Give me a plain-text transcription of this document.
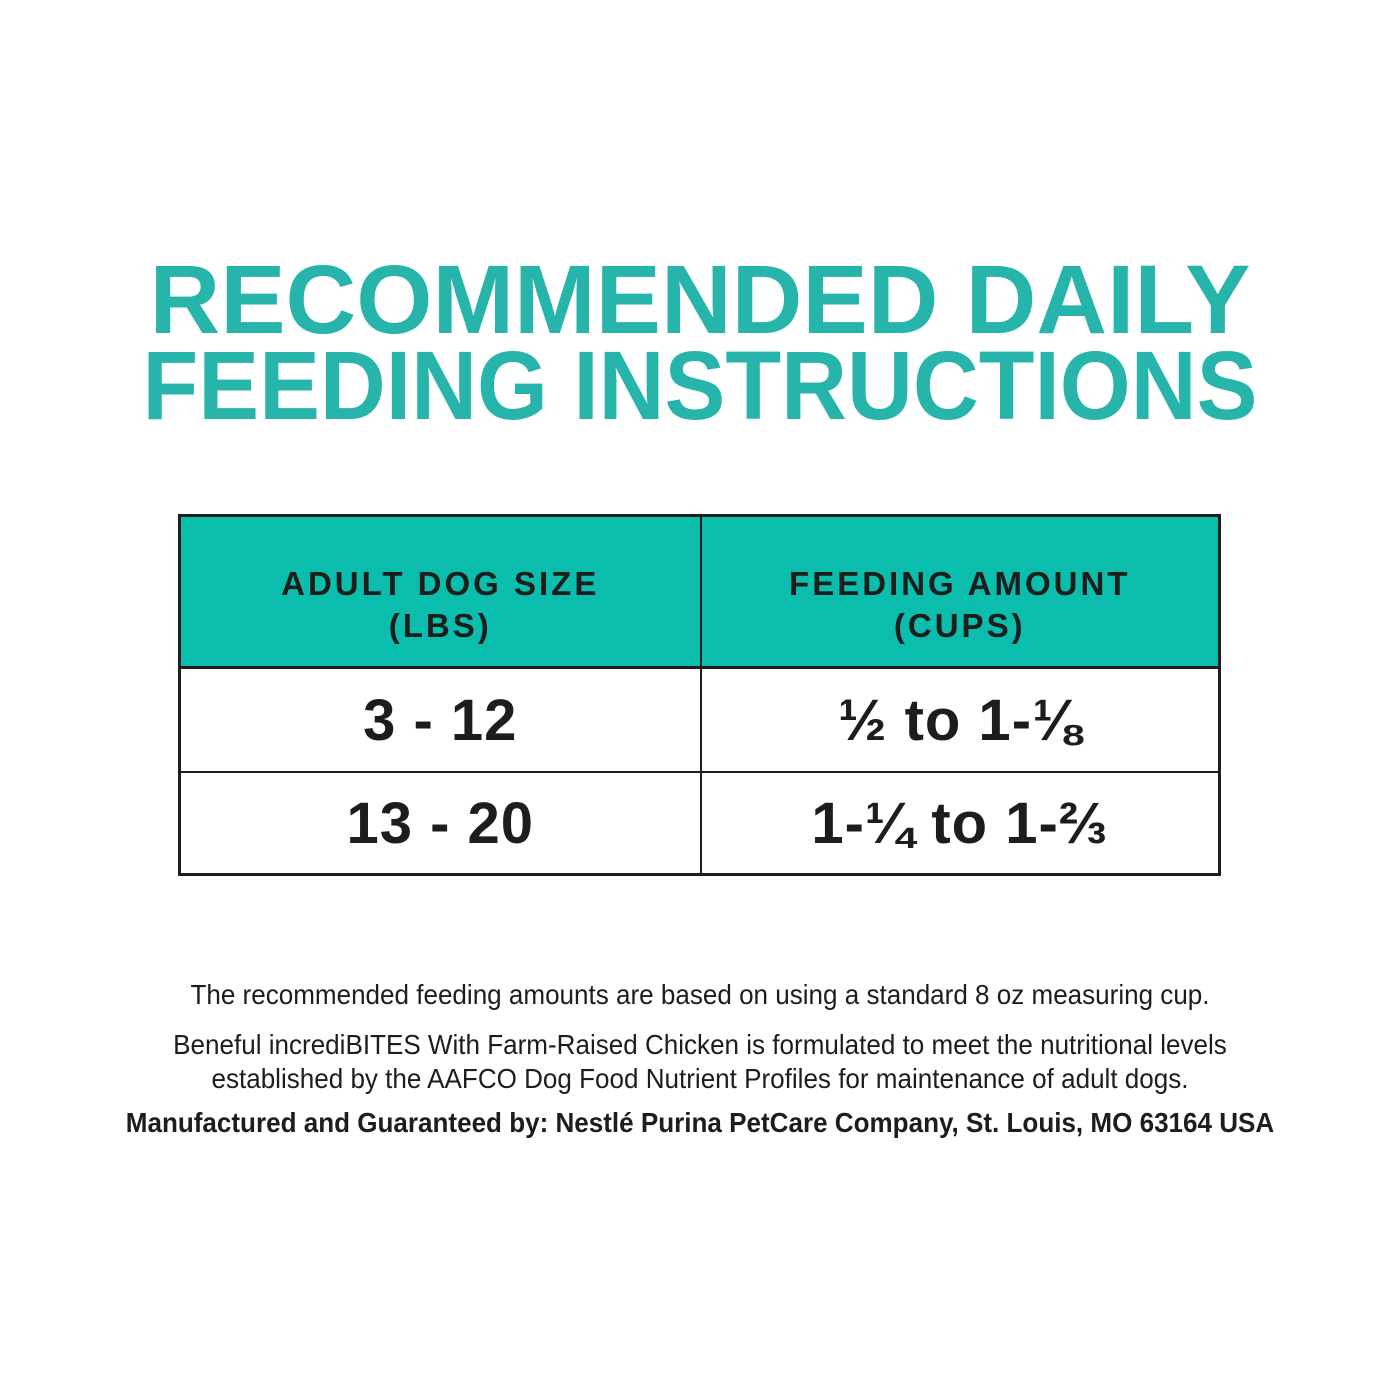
RECOMMENDED DAILY
FEEDING INSTRUCTIONS
ADULT DOG SIZE
(LBS)
FEEDING AMOUNT
(CUPS)
3 - 12	½ to 1-⅛
13 - 20	1-¼ to 1-⅔
The recommended feeding amounts are based on using a standard 8 oz measuring cup.
Beneful incrediBITES With Farm-Raised Chicken is formulated to meet the nutritional levels
established by the AAFCO Dog Food Nutrient Profiles for maintenance of adult dogs.
Manufactured and Guaranteed by: Nestlé Purina PetCare Company, St. Louis, MO 63164 USA
